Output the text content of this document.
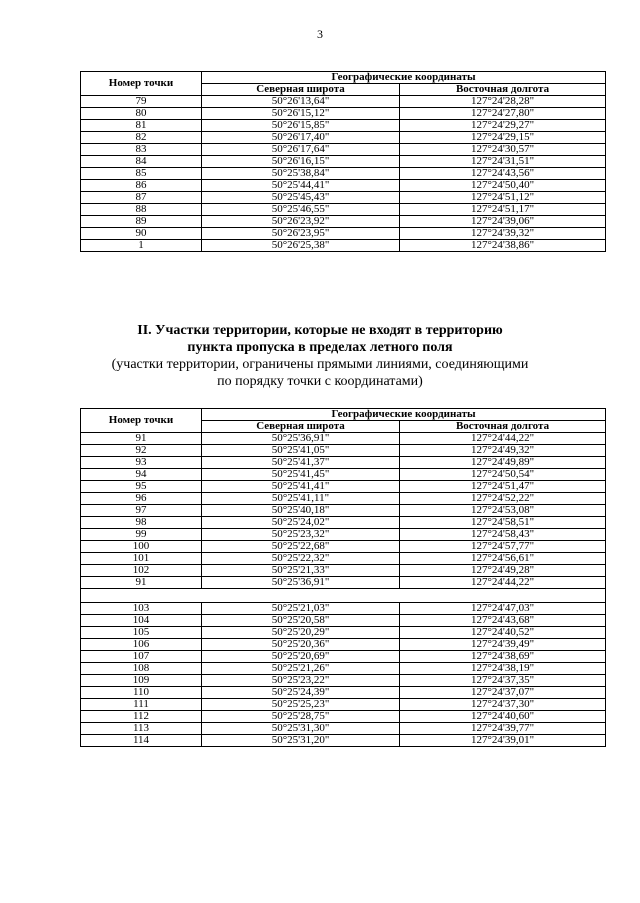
3
Номер точки	Географические координаты	
	Северная широта	Восточная долгота
79	50°26'13,64"	127°24'28,28"
80	50°26'15,12"	127°24'27,80"
81	50°26'15,85"	127°24'29,27"
82	50°26'17,40"	127°24'29,15"
83	50°26'17,64"	127°24'30,57"
84	50°26'16,15"	127°24'31,51"
85	50°25'38,84"	127°24'43,56"
86	50°25'44,41"	127°24'50,40"
87	50°25'45,43"	127°24'51,12"
88	50°25'46,55"	127°24'51,17"
89	50°26'23,92"	127°24'39,06"
90	50°26'23,95"	127°24'39,32"
1	50°26'25,38"	127°24'38,86"
II. Участки территории, которые не входят в территорию
пункта пропуска в пределах летного поля
(участки территории, ограничены прямыми линиями, соединяющими
по порядку точки с координатами)
Номер точки	Географические координаты	
	Северная широта	Восточная долгота
91	50°25'36,91"	127°24'44,22"
92	50°25'41,05"	127°24'49,32"
93	50°25'41,37"	127°24'49,89"
94	50°25'41,45"	127°24'50,54"
95	50°25'41,41"	127°24'51,47"
96	50°25'41,11"	127°24'52,22"
97	50°25'40,18"	127°24'53,08"
98	50°25'24,02"	127°24'58,51"
99	50°25'23,32"	127°24'58,43"
100	50°25'22,68"	127°24'57,77"
101	50°25'22,32"	127°24'56,61"
102	50°25'21,33"	127°24'49,28"
91	50°25'36,91"	127°24'44,22"

103	50°25'21,03"	127°24'47,03"
104	50°25'20,58"	127°24'43,68"
105	50°25'20,29"	127°24'40,52"
106	50°25'20,36"	127°24'39,49"
107	50°25'20,69"	127°24'38,69"
108	50°25'21,26"	127°24'38,19"
109	50°25'23,22"	127°24'37,35"
110	50°25'24,39"	127°24'37,07"
111	50°25'25,23"	127°24'37,30"
112	50°25'28,75"	127°24'40,60"
113	50°25'31,30"	127°24'39,77"
114	50°25'31,20"	127°24'39,01"
